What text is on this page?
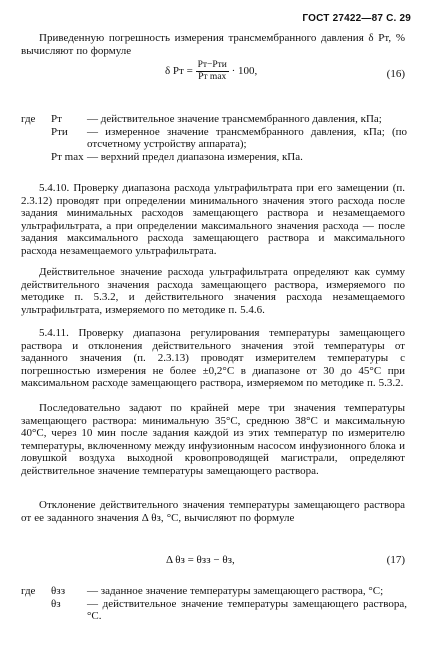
ГОСТ 27422—87 С. 29
Приведенную погрешность измерения трансмембранного давления δ Pт, % вычисляют по формуле
δ Pт = $\frac{\text{Pт−Pти}}{\text{Pт max}} \cdot 100$,	(16)
где	Pт	— действительное значение трансмембранного давления, кПа;
Pти	— измеренное значение трансмембранного давления, кПа; (по отсчетному устройству аппарата);
Pт max — верхний предел диапазона измерения, кПа.
5.4.10. Проверку диапазона расхода ультрафильтрата при его замещении (п. 2.3.12) проводят при определении минимального значения этого расхода после задания минимальных расходов замещающего раствора и незамещаемого ультрафильтрата, а при определении максимального значения расхода — после задания максимального расхода замещающего раствора и максимального расхода незамещаемого ультрафильтрата.
Действительное значение расхода ультрафильтрата определяют как сумму действительного значения расхода замещающего раствора, измеряемого по методике п. 5.3.2, и действительного значения расхода незамещаемого ультрафильтрата, измеряемого по методике п. 5.4.6.
5.4.11. Проверку диапазона регулирования температуры замещающего раствора и отклонения действительного значения этой температуры от заданного значения (п. 2.3.13) проводят измерителем температуры с погрешностью измерения не более ±0,2°С в диапазоне от 30 до 45°С при максимальном расходе замещающего раствора, измеряемом по методике п. 5.3.2.
Последовательно задают по крайней мере три значения температуры замещающего раствора: минимальную 35°С, среднюю 38°С и максимальную 40°С, через 10 мин после задания каждой из этих температур по измерителю температуры, включенному между инфузионным насосом инфузионного блока и ловушкой воздуха выходной кровопроводящей магистрали, определяют действительное значение температуры замещающего раствора.
Отклонение действительного значения температуры замещающего раствора от ее заданного значения Δ θз, °С, вычисляют по формуле
Δ θз = θзз − θз,	(17)
где	θзз	— заданное значение температуры замещающего раствора, °С;
θз	— действительное значение температуры замещающего раствора, °С.
